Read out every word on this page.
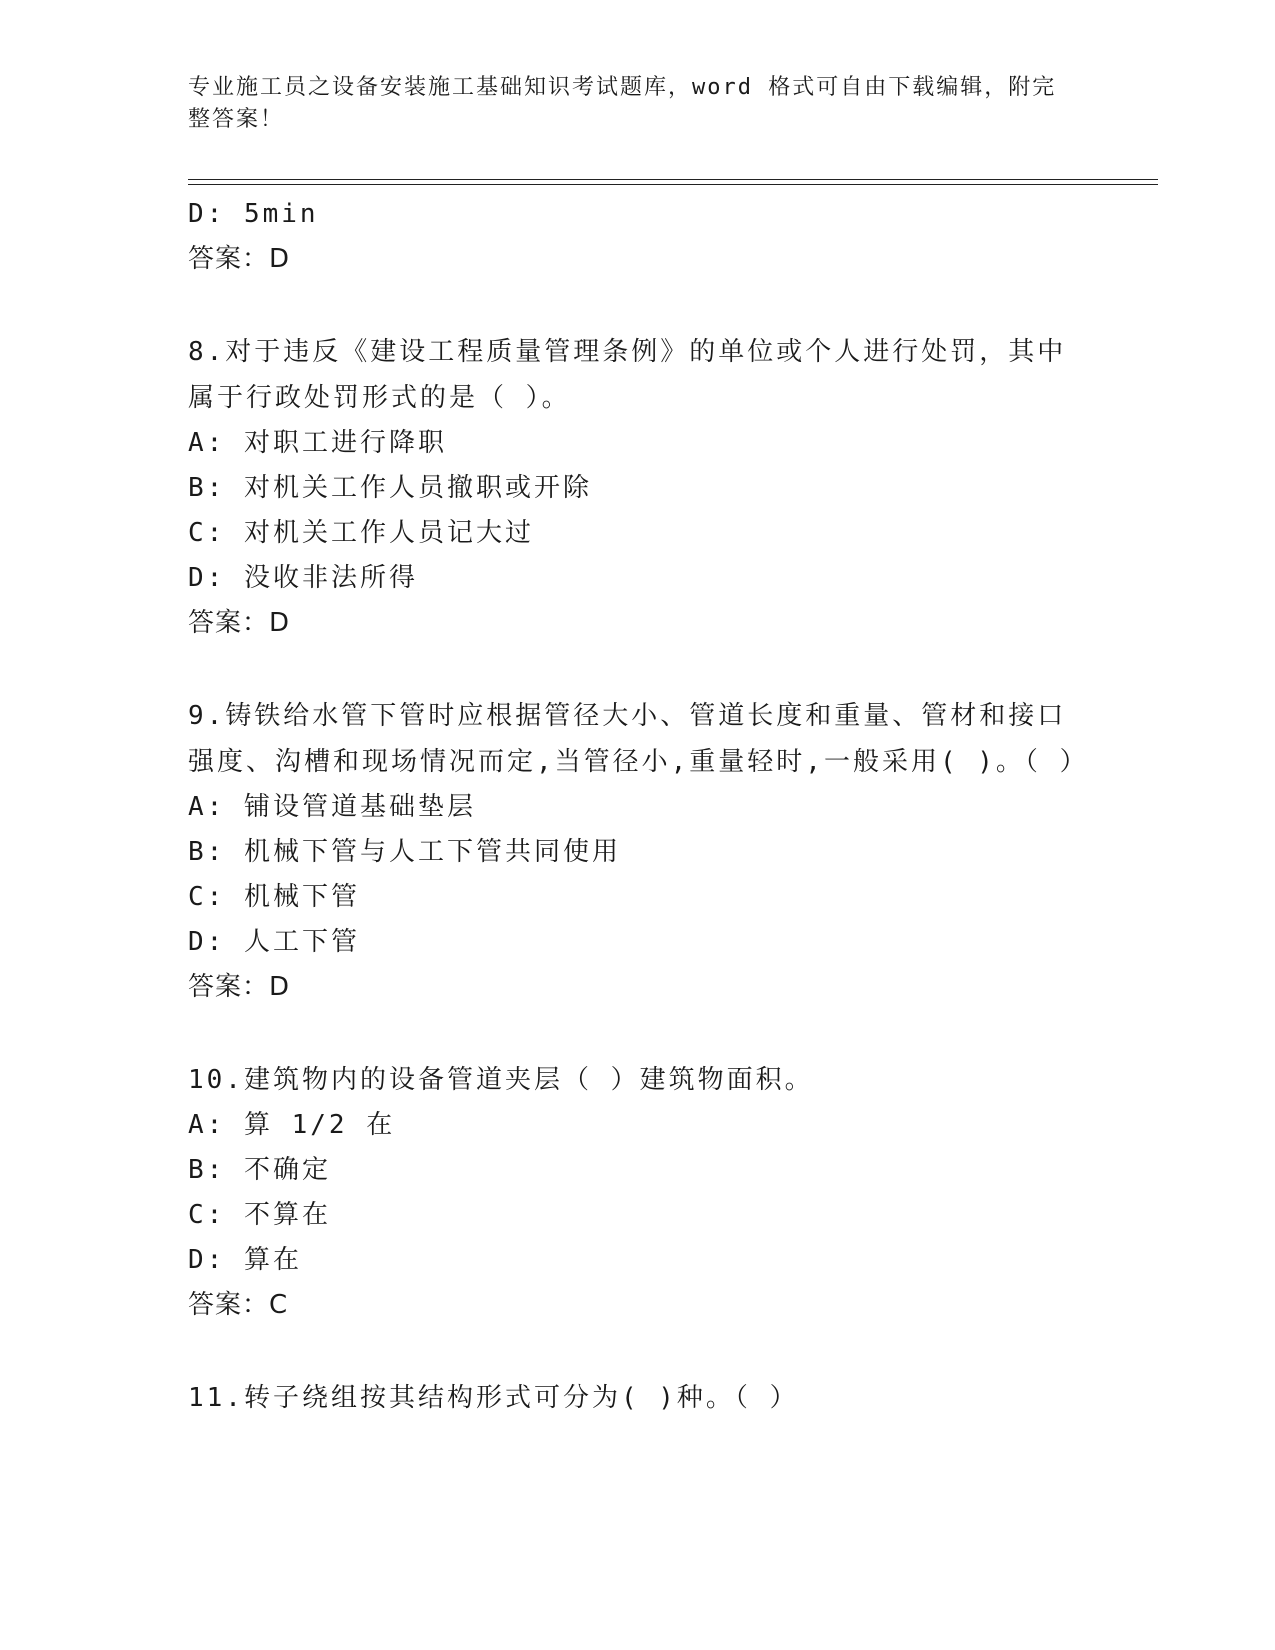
专业施工员之设备安装施工基础知识考试题库，word 格式可自由下载编辑，附完整答案！
D: 5min
答案：D
8.对于违反《建设工程质量管理条例》的单位或个人进行处罚，其中属于行政处罚形式的是（ ）。
A: 对职工进行降职
B: 对机关工作人员撤职或开除
C: 对机关工作人员记大过
D: 没收非法所得
答案：D
9.铸铁给水管下管时应根据管径大小、管道长度和重量、管材和接口强度、沟槽和现场情况而定,当管径小,重量轻时,一般采用( )。（ ）
A: 铺设管道基础垫层
B: 机械下管与人工下管共同使用
C: 机械下管
D: 人工下管
答案：D
10.建筑物内的设备管道夹层（ ）建筑物面积。
A: 算 1/2 在
B: 不确定
C: 不算在
D: 算在
答案：C
11.转子绕组按其结构形式可分为( )种。（ ）
